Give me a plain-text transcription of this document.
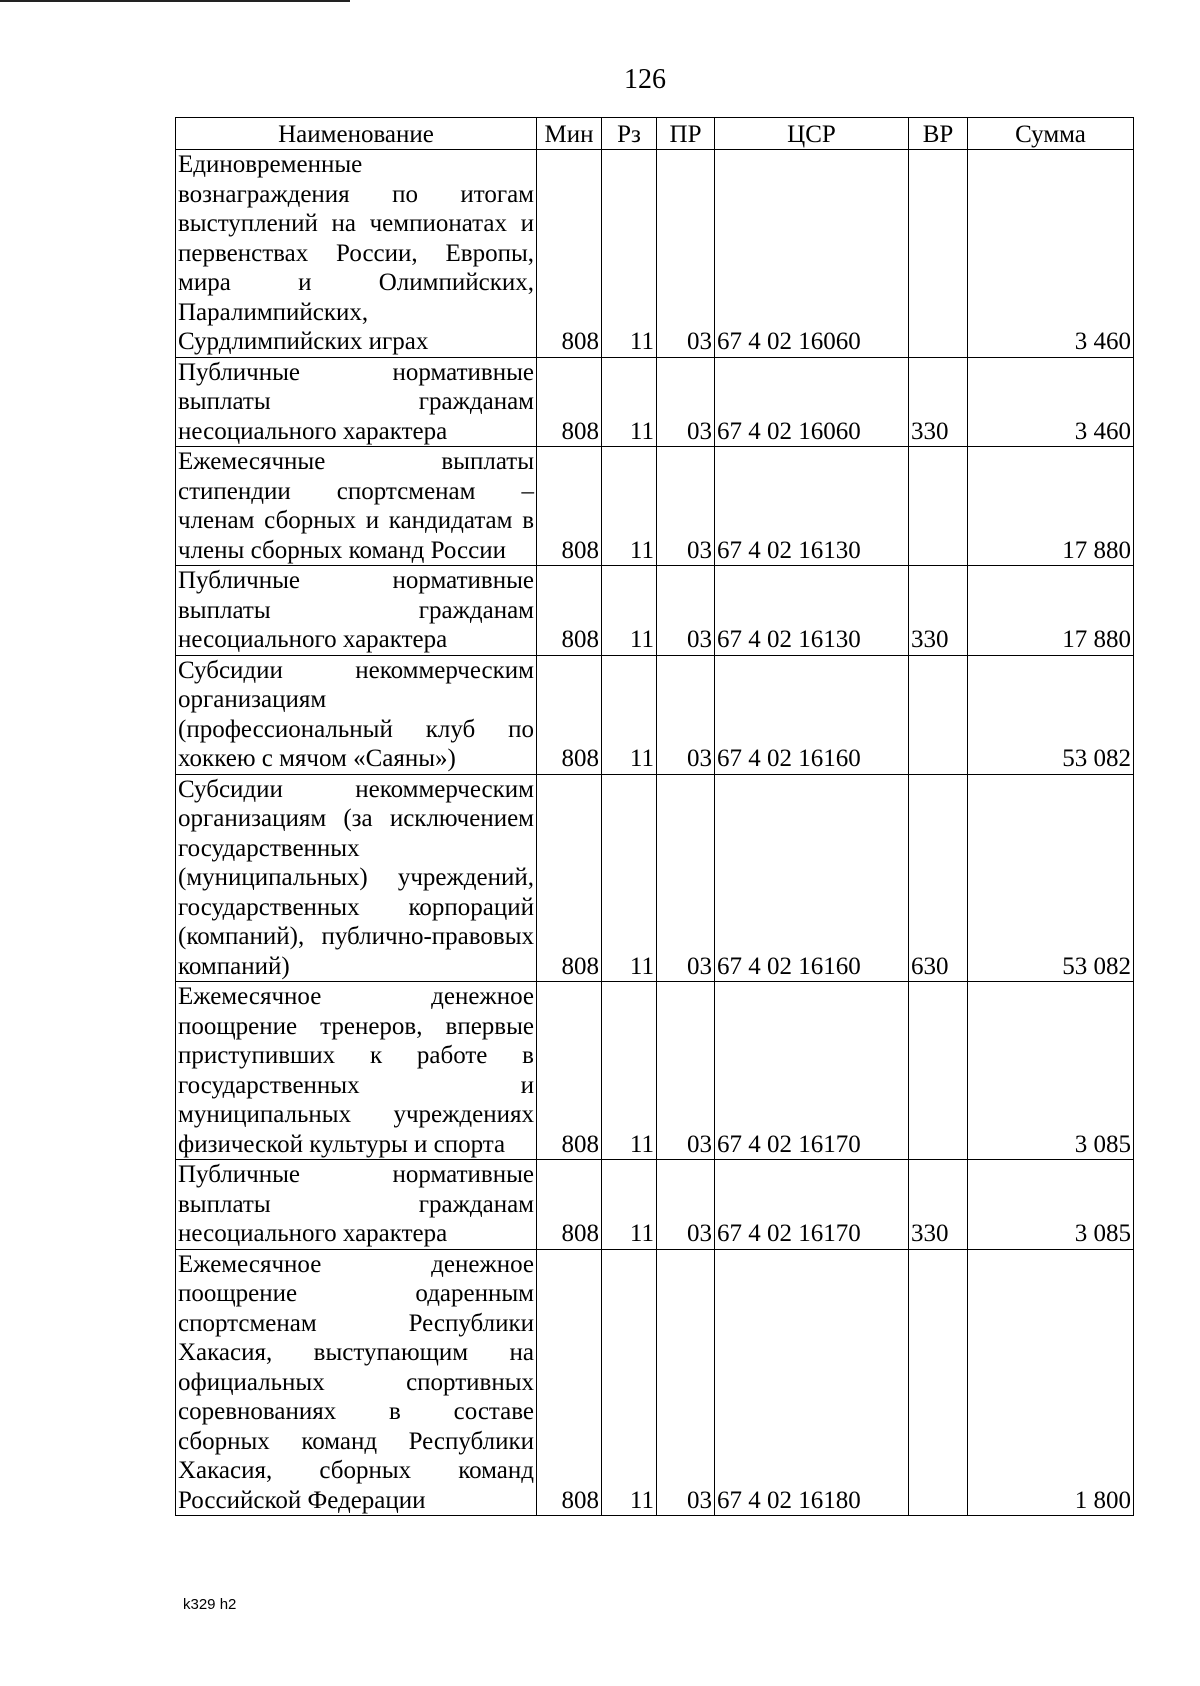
126
Наименование	Мин	Рз	ПР	ЦСР	ВР	Сумма
Единовременные вознаграждения по итогам выступлений на чемпионатах и первенствах России, Европы, мира и Олимпийских, Паралимпийских, Сурдлимпийских играх	808	11	03	67 4 02 16060		3 460
Публичные нормативные выплаты гражданам несоциального характера	808	11	03	67 4 02 16060	330	3 460
Ежемесячные выплаты стипендии спортсменам – членам сборных и кандидатам в члены сборных команд России	808	11	03	67 4 02 16130		17 880
Публичные нормативные выплаты гражданам несоциального характера	808	11	03	67 4 02 16130	330	17 880
Субсидии некоммерческим организациям (профессиональный клуб по хоккею с мячом «Саяны»)	808	11	03	67 4 02 16160		53 082
Субсидии некоммерческим организациям (за исключением государственных (муниципальных) учреждений, государственных корпораций (компаний), публично-правовых компаний)	808	11	03	67 4 02 16160	630	53 082
Ежемесячное денежное поощрение тренеров, впервые приступивших к работе в государственных и муниципальных учреждениях физической культуры и спорта	808	11	03	67 4 02 16170		3 085
Публичные нормативные выплаты гражданам несоциального характера	808	11	03	67 4 02 16170	330	3 085
Ежемесячное денежное поощрение одаренным спортсменам Республики Хакасия, выступающим на официальных спортивных соревнованиях в составе сборных команд Республики Хакасия, сборных команд Российской Федерации	808	11	03	67 4 02 16180		1 800
k329 h2
